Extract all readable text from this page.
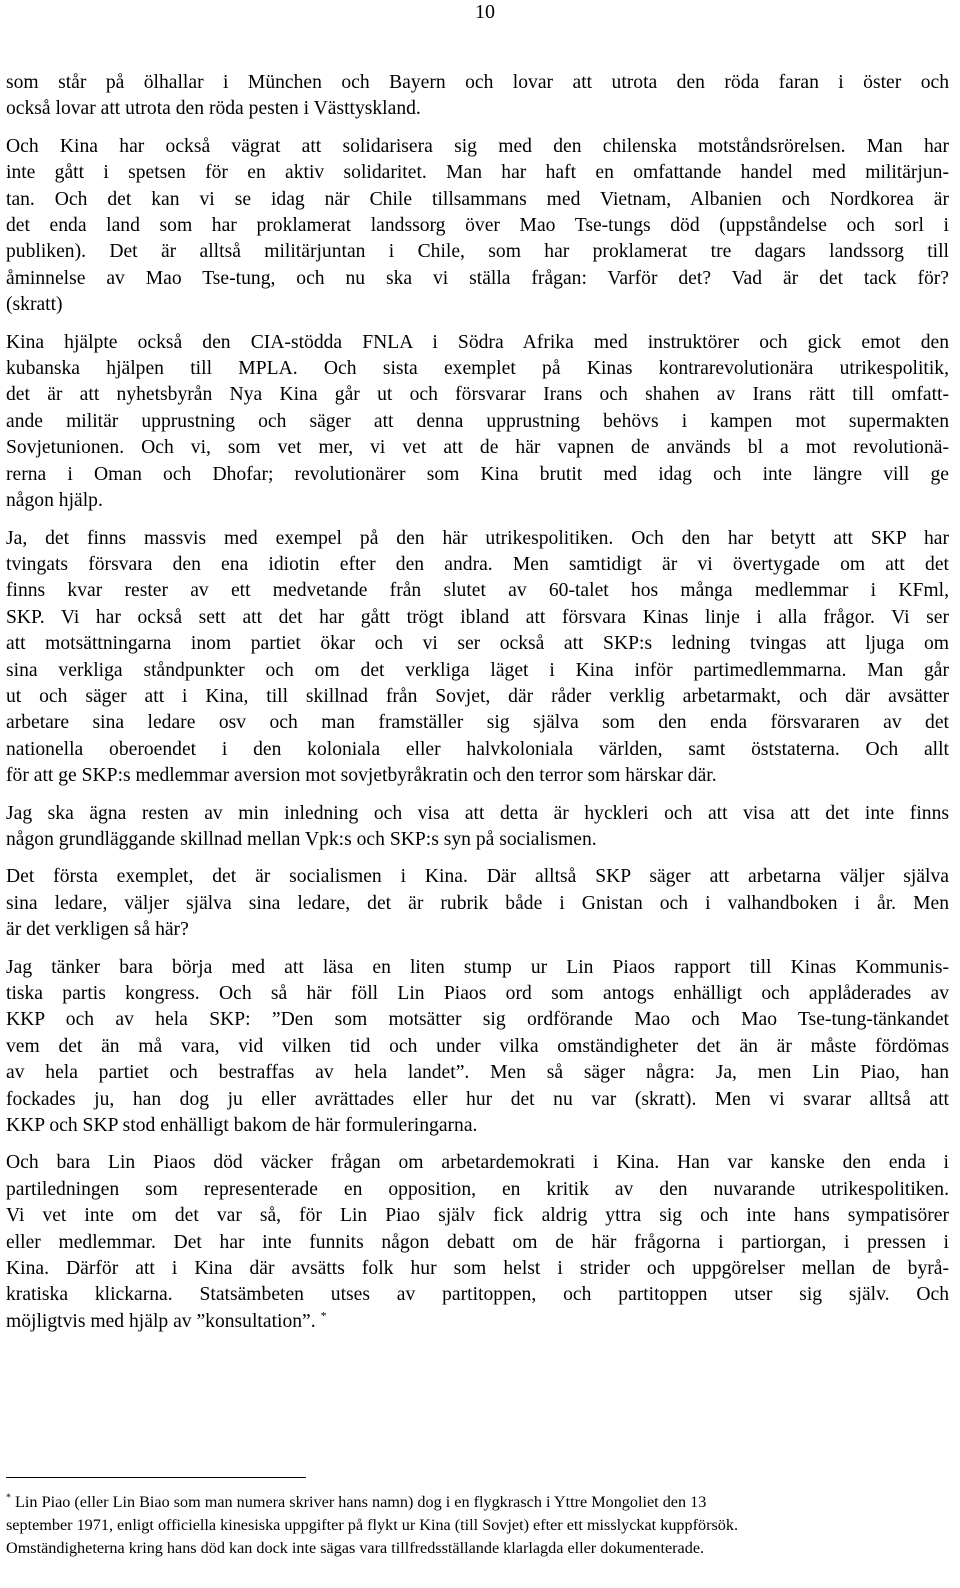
10

som står på ölhallar i München och Bayern och lovar att utrota den röda faran i öster och
också lovar att utrota den röda pesten i Västtyskland.

Och Kina har också vägrat att solidarisera sig med den chilenska motståndsrörelsen. Man har
inte gått i spetsen för en aktiv solidaritet. Man har haft en omfattande handel med militärjun-
tan. Och det kan vi se idag när Chile tillsammans med Vietnam, Albanien och Nordkorea är
det enda land som har proklamerat landssorg över Mao Tse-tungs död (uppståndelse och sorl i
publiken). Det är alltså militärjuntan i Chile, som har proklamerat tre dagars landssorg till
åminnelse av Mao Tse-tung, och nu ska vi ställa frågan: Varför det? Vad är det tack för?
(skratt)

Kina hjälpte också den CIA-stödda FNLA i Södra Afrika med instruktörer och gick emot den
kubanska hjälpen till MPLA. Och sista exemplet på Kinas kontrarevolutionära utrikespolitik,
det är att nyhetsbyrån Nya Kina går ut och försvarar Irans och shahen av Irans rätt till omfatt-
ande militär upprustning och säger att denna upprustning behövs i kampen mot supermakten
Sovjetunionen. Och vi, som vet mer, vi vet att de här vapnen de används bl a mot revolutionä-
rerna i Oman och Dhofar; revolutionärer som Kina brutit med idag och inte längre vill ge
någon hjälp.

Ja, det finns massvis med exempel på den här utrikespolitiken. Och den har betytt att SKP har
tvingats försvara den ena idiotin efter den andra. Men samtidigt är vi övertygade om att det
finns kvar rester av ett medvetande från slutet av 60-talet hos många medlemmar i KFml,
SKP. Vi har också sett att det har gått trögt ibland att försvara Kinas linje i alla frågor. Vi ser
att motsättningarna inom partiet ökar och vi ser också att SKP:s ledning tvingas att ljuga om
sina verkliga ståndpunkter och om det verkliga läget i Kina inför partimedlemmarna. Man går
ut och säger att i Kina, till skillnad från Sovjet, där råder verklig arbetarmakt, och där avsätter
arbetare sina ledare osv och man framställer sig själva som den enda försvararen av det
nationella oberoendet i den koloniala eller halvkoloniala världen, samt öststaterna. Och allt
för att ge SKP:s medlemmar aversion mot sovjetbyråkratin och den terror som härskar där.

Jag ska ägna resten av min inledning och visa att detta är hyckleri och att visa att det inte finns
någon grundläggande skillnad mellan Vpk:s och SKP:s syn på socialismen.

Det första exemplet, det är socialismen i Kina. Där alltså SKP säger att arbetarna väljer själva
sina ledare, väljer själva sina ledare, det är rubrik både i Gnistan och i valhandboken i år. Men
är det verkligen så här?

Jag tänker bara börja med att läsa en liten stump ur Lin Piaos rapport till Kinas Kommunis-
tiska partis kongress. Och så här föll Lin Piaos ord som antogs enhälligt och applåderades av
KKP och av hela SKP: ”Den som motsätter sig ordförande Mao och Mao Tse-tung-tänkandet
vem det än må vara, vid vilken tid och under vilka omständigheter det än är måste fördömas
av hela partiet och bestraffas av hela landet”. Men så säger några: Ja, men Lin Piao, han
fockades ju, han dog ju eller avrättades eller hur det nu var (skratt). Men vi svarar alltså att
KKP och SKP stod enhälligt bakom de här formuleringarna.

Och bara Lin Piaos död väcker frågan om arbetardemokrati i Kina. Han var kanske den enda i
partiledningen som representerade en opposition, en kritik av den nuvarande utrikespolitiken.
Vi vet inte om det var så, för Lin Piao själv fick aldrig yttra sig och inte hans sympatisörer
eller medlemmar. Det har inte funnits någon debatt om de här frågorna i partiorgan, i pressen i
Kina. Därför att i Kina där avsätts folk hur som helst i strider och uppgörelser mellan de byrå-
kratiska klickarna. Statsämbeten utses av partitoppen, och partitoppen utser sig själv. Och
möjligtvis med hjälp av ”konsultation”. *

* Lin Piao (eller Lin Biao som man numera skriver hans namn) dog i en flygkrasch i Yttre Mongoliet den 13
september 1971, enligt officiella kinesiska uppgifter på flykt ur Kina (till Sovjet) efter ett misslyckat kuppförsök.
Omständigheterna kring hans död kan dock inte sägas vara tillfredsställande klarlagda eller dokumenterade.
